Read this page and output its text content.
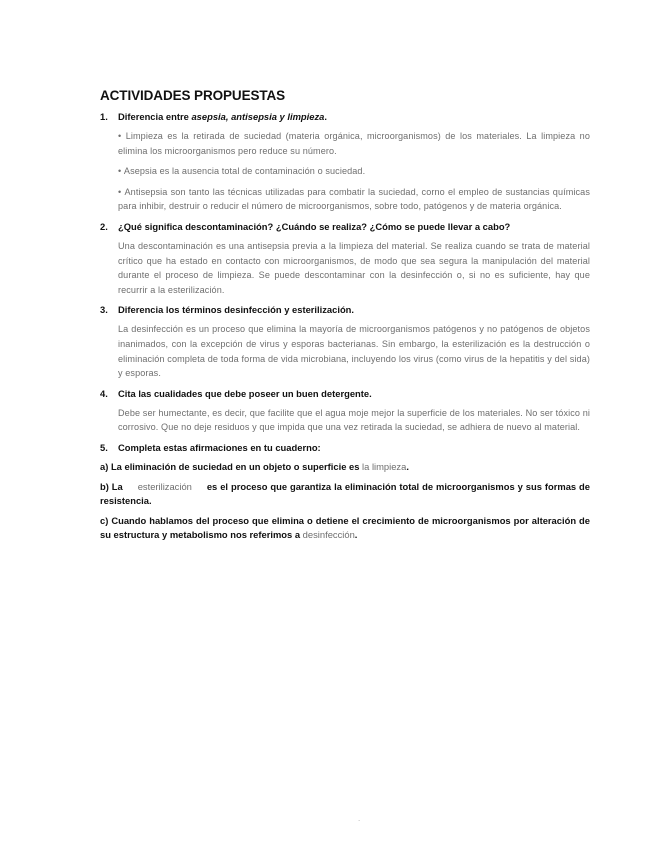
ACTIVIDADES PROPUESTAS
1.	Diferencia entre asepsia, antisepsia y limpieza.

• Limpieza es la retirada de suciedad (materia orgánica, microorganismos) de los materiales. La limpieza no elimina los microorganismos pero reduce su número.

• Asepsia es la ausencia total de contaminación o suciedad.

• Antisepsia son tanto las técnicas utilizadas para combatir la suciedad, corno el empleo de sustancias químicas para inhibir, destruir o reducir el número de microorganismos, sobre todo, patógenos y de materia orgánica.

2.	¿Qué significa descontaminación? ¿Cuándo se realiza? ¿Cómo se puede llevar a cabo?

Una descontaminación es una antisepsia previa a la limpieza del material. Se realiza cuando se trata de material crítico que ha estado en contacto con microorganismos, de modo que sea segura la manipulación del material durante el proceso de limpieza. Se puede descontaminar con la desinfección o, si no es suficiente, hay que recurrir a la esterilización.

3.	Diferencia los términos desinfección y esterilización.

La desinfección es un proceso que elimina la mayoría de microorganismos patógenos y no patógenos de objetos inanimados, con la excepción de virus y esporas bacterianas. Sin embargo, la esterilización es la destrucción o eliminación completa de toda forma de vida microbiana, incluyendo los virus (como virus de la hepatitis y del sida) y esporas.

4.	Cita las cualidades que debe poseer un buen detergente.

Debe ser humectante, es decir, que facilite que el agua moje mejor la superficie de los materiales. No ser tóxico ni corrosivo. Que no deje residuos y que impida que una vez retirada la suciedad, se adhiera de nuevo al material.

5.	Completa estas afirmaciones en tu cuaderno:

a) La eliminación de suciedad en un objeto o superficie es la limpieza.

b) La esterilización es el proceso que garantiza la eliminación total de microorganismos y sus formas de resistencia.

c) Cuando hablamos del proceso que elimina o detiene el crecimiento de microorganismos por alteración de su estructura y metabolismo nos referimos a desinfección.

.
